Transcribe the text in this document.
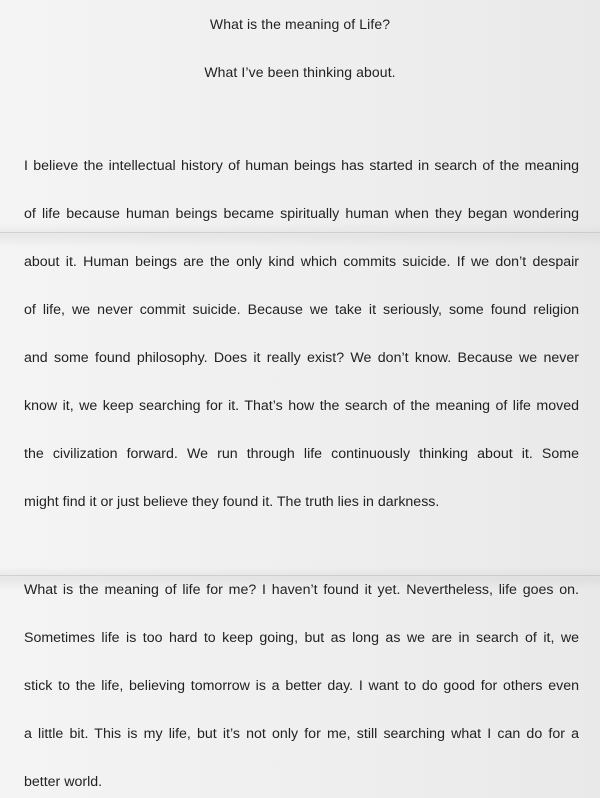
What is the meaning of Life?
What I’ve been thinking about.
I believe the intellectual history of human beings has started in search of the meaning
of life because human beings became spiritually human when they began wondering
about it. Human beings are the only kind which commits suicide. If we don’t despair
of life, we never commit suicide. Because we take it seriously, some found religion
and some found philosophy. Does it really exist? We don’t know. Because we never
know it, we keep searching for it. That’s how the search of the meaning of life moved
the civilization forward. We run through life continuously thinking about it. Some
might find it or just believe they found it. The truth lies in darkness.
What is the meaning of life for me? I haven’t found it yet. Nevertheless, life goes on.
Sometimes life is too hard to keep going, but as long as we are in search of it, we
stick to the life, believing tomorrow is a better day. I want to do good for others even
a little bit. This is my life, but it’s not only for me, still searching what I can do for a
better world.
